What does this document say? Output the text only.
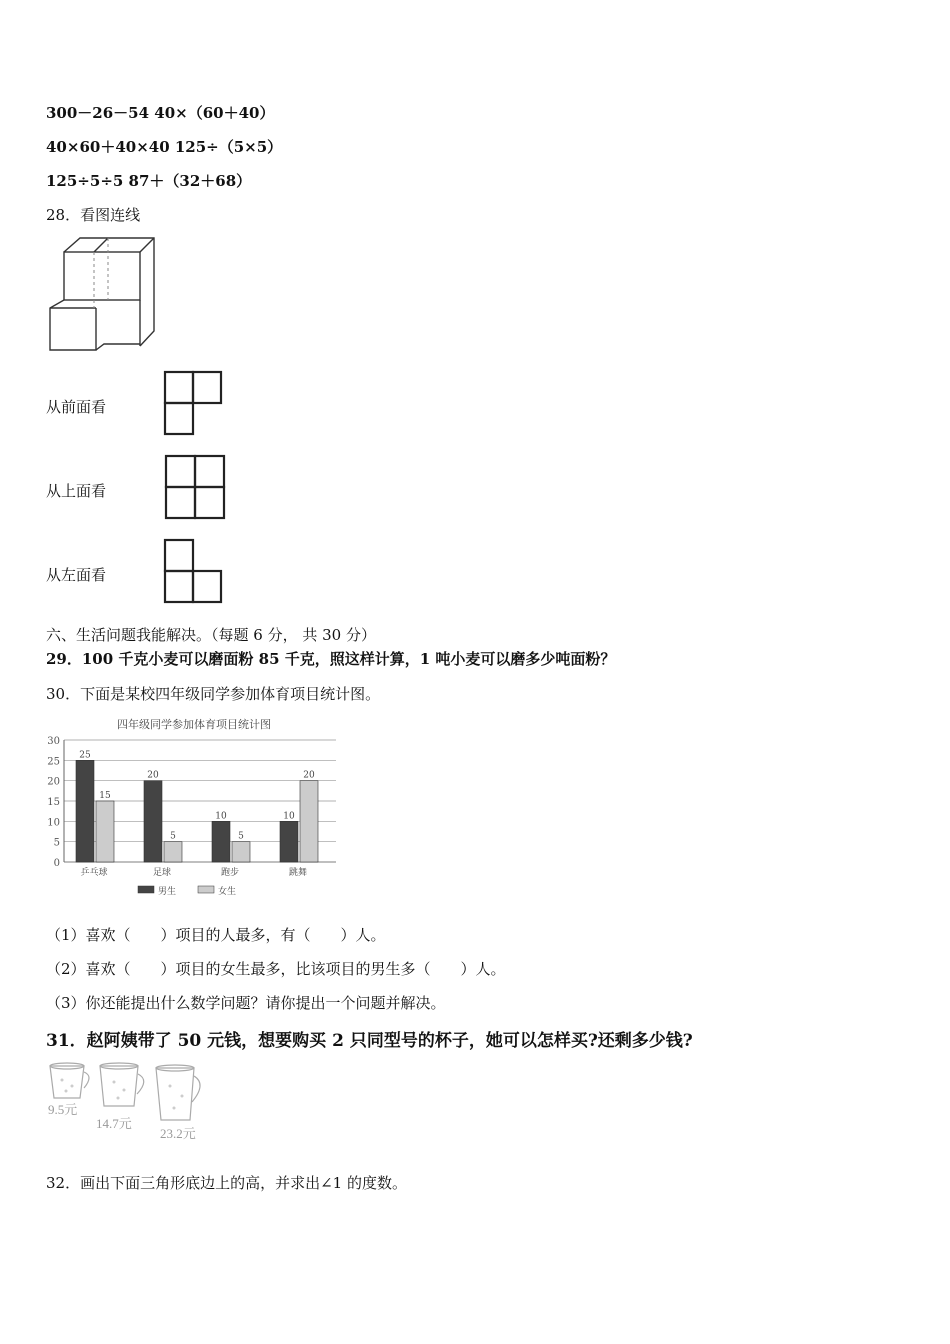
300－26－54 40×（60＋40）
40×60＋40×40 125÷（5×5）
125÷5÷5 87＋（32＋68）
28．看图连线
从前面看
从上面看
从左面看
六、生活问题我能解决。（每题 6 分， 共 30 分）
29．100 千克小麦可以磨面粉 85 千克，照这样计算，1 吨小麦可以磨多少吨面粉？
30．下面是某校四年级同学参加体育项目统计图。
四年级同学参加体育项目统计图
0
5
10
15
20
25
30
25
15
乒乓球
20
5
足球
10
5
跑步
10
20
跳舞
男生	女生
（1）喜欢（　　）项目的人最多，有（　　）人。
（2）喜欢（　　）项目的女生最多，比该项目的男生多（　　）人。
（3）你还能提出什么数学问题？请你提出一个问题并解决。
31．赵阿姨带了 50 元钱，想要购买 2 只同型号的杯子，她可以怎样买?还剩多少钱?
9.5元
14.7元
23.2元
32．画出下面三角形底边上的高，并求出∠1 的度数。
